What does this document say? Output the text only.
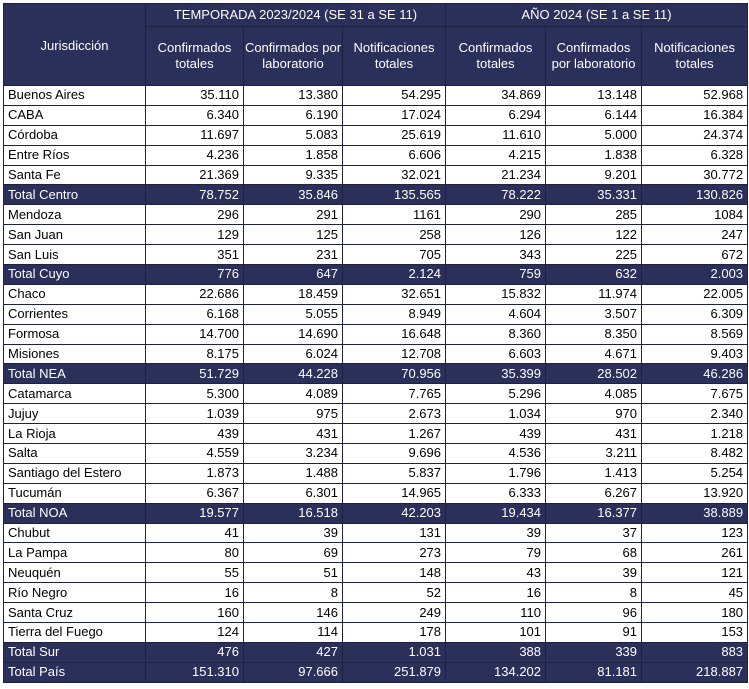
Jurisdicción	TEMPORADA 2023/2024 (SE 31 a SE 11)			AÑO 2024 (SE 1 a SE 11)		
	Confirmados totales	Confirmados por laboratorio	Notificaciones totales	Confirmados totales	Confirmados por laboratorio	Notificaciones totales
Buenos Aires	35.110	13.380	54.295	34.869	13.148	52.968
CABA	6.340	6.190	17.024	6.294	6.144	16.384
Córdoba	11.697	5.083	25.619	11.610	5.000	24.374
Entre Ríos	4.236	1.858	6.606	4.215	1.838	6.328
Santa Fe	21.369	9.335	32.021	21.234	9.201	30.772
Total Centro	78.752	35.846	135.565	78.222	35.331	130.826
Mendoza	296	291	1161	290	285	1084
San Juan	129	125	258	126	122	247
San Luis	351	231	705	343	225	672
Total Cuyo	776	647	2.124	759	632	2.003
Chaco	22.686	18.459	32.651	15.832	11.974	22.005
Corrientes	6.168	5.055	8.949	4.604	3.507	6.309
Formosa	14.700	14.690	16.648	8.360	8.350	8.569
Misiones	8.175	6.024	12.708	6.603	4.671	9.403
Total NEA	51.729	44.228	70.956	35.399	28.502	46.286
Catamarca	5.300	4.089	7.765	5.296	4.085	7.675
Jujuy	1.039	975	2.673	1.034	970	2.340
La Rioja	439	431	1.267	439	431	1.218
Salta	4.559	3.234	9.696	4.536	3.211	8.482
Santiago del Estero	1.873	1.488	5.837	1.796	1.413	5.254
Tucumán	6.367	6.301	14.965	6.333	6.267	13.920
Total NOA	19.577	16.518	42.203	19.434	16.377	38.889
Chubut	41	39	131	39	37	123
La Pampa	80	69	273	79	68	261
Neuquén	55	51	148	43	39	121
Río Negro	16	8	52	16	8	45
Santa Cruz	160	146	249	110	96	180
Tierra del Fuego	124	114	178	101	91	153
Total Sur	476	427	1.031	388	339	883
Total País	151.310	97.666	251.879	134.202	81.181	218.887
